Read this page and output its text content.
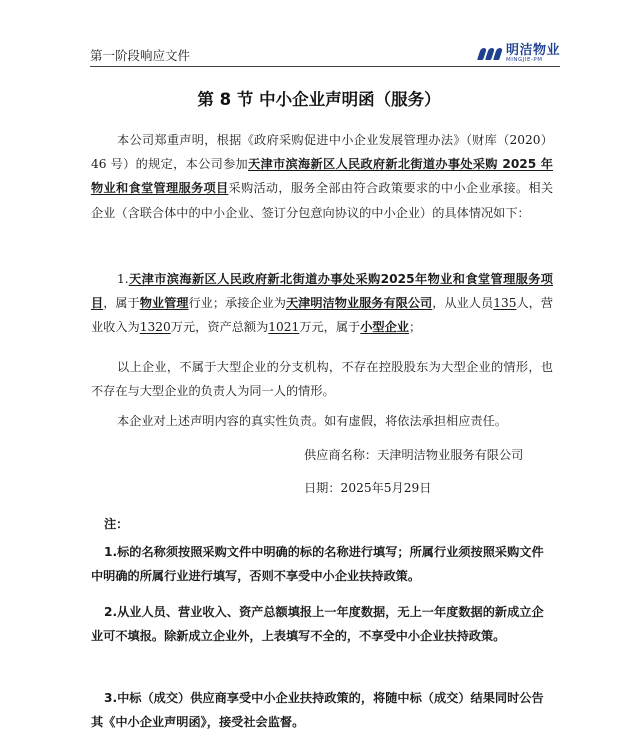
第一阶段响应文件	明洁物业
MINGJIE-PM
第 8 节 中小企业声明函（服务）

本公司郑重声明，根据《政府采购促进中小企业发展管理办法》（财库（2020）46 号）的规定，本公司参加天津市滨海新区人民政府新北街道办事处采购 2025 年物业和食堂管理服务项目采购活动，服务全部由符合政策要求的中小企业承接。相关企业（含联合体中的中小企业、签订分包意向协议的中小企业）的具体情况如下：

1.天津市滨海新区人民政府新北街道办事处采购2025年物业和食堂管理服务项目，属于物业管理行业；承接企业为天津明洁物业服务有限公司，从业人员135人，营业收入为1320万元，资产总额为1021万元，属于小型企业；

以上企业，不属于大型企业的分支机构，不存在控股股东为大型企业的情形，也不存在与大型企业的负责人为同一人的情形。

本企业对上述声明内容的真实性负责。如有虚假，将依法承担相应责任。

供应商名称：天津明洁物业服务有限公司
日期：2025年5月29日

注：

1.标的名称须按照采购文件中明确的标的名称进行填写；所属行业须按照采购文件中明确的所属行业进行填写，否则不享受中小企业扶持政策。

2.从业人员、营业收入、资产总额填报上一年度数据，无上一年度数据的新成立企业可不填报。除新成立企业外，上表填写不全的，不享受中小企业扶持政策。

3.中标（成交）供应商享受中小企业扶持政策的，将随中标（成交）结果同时公告其《中小企业声明函》，接受社会监督。
